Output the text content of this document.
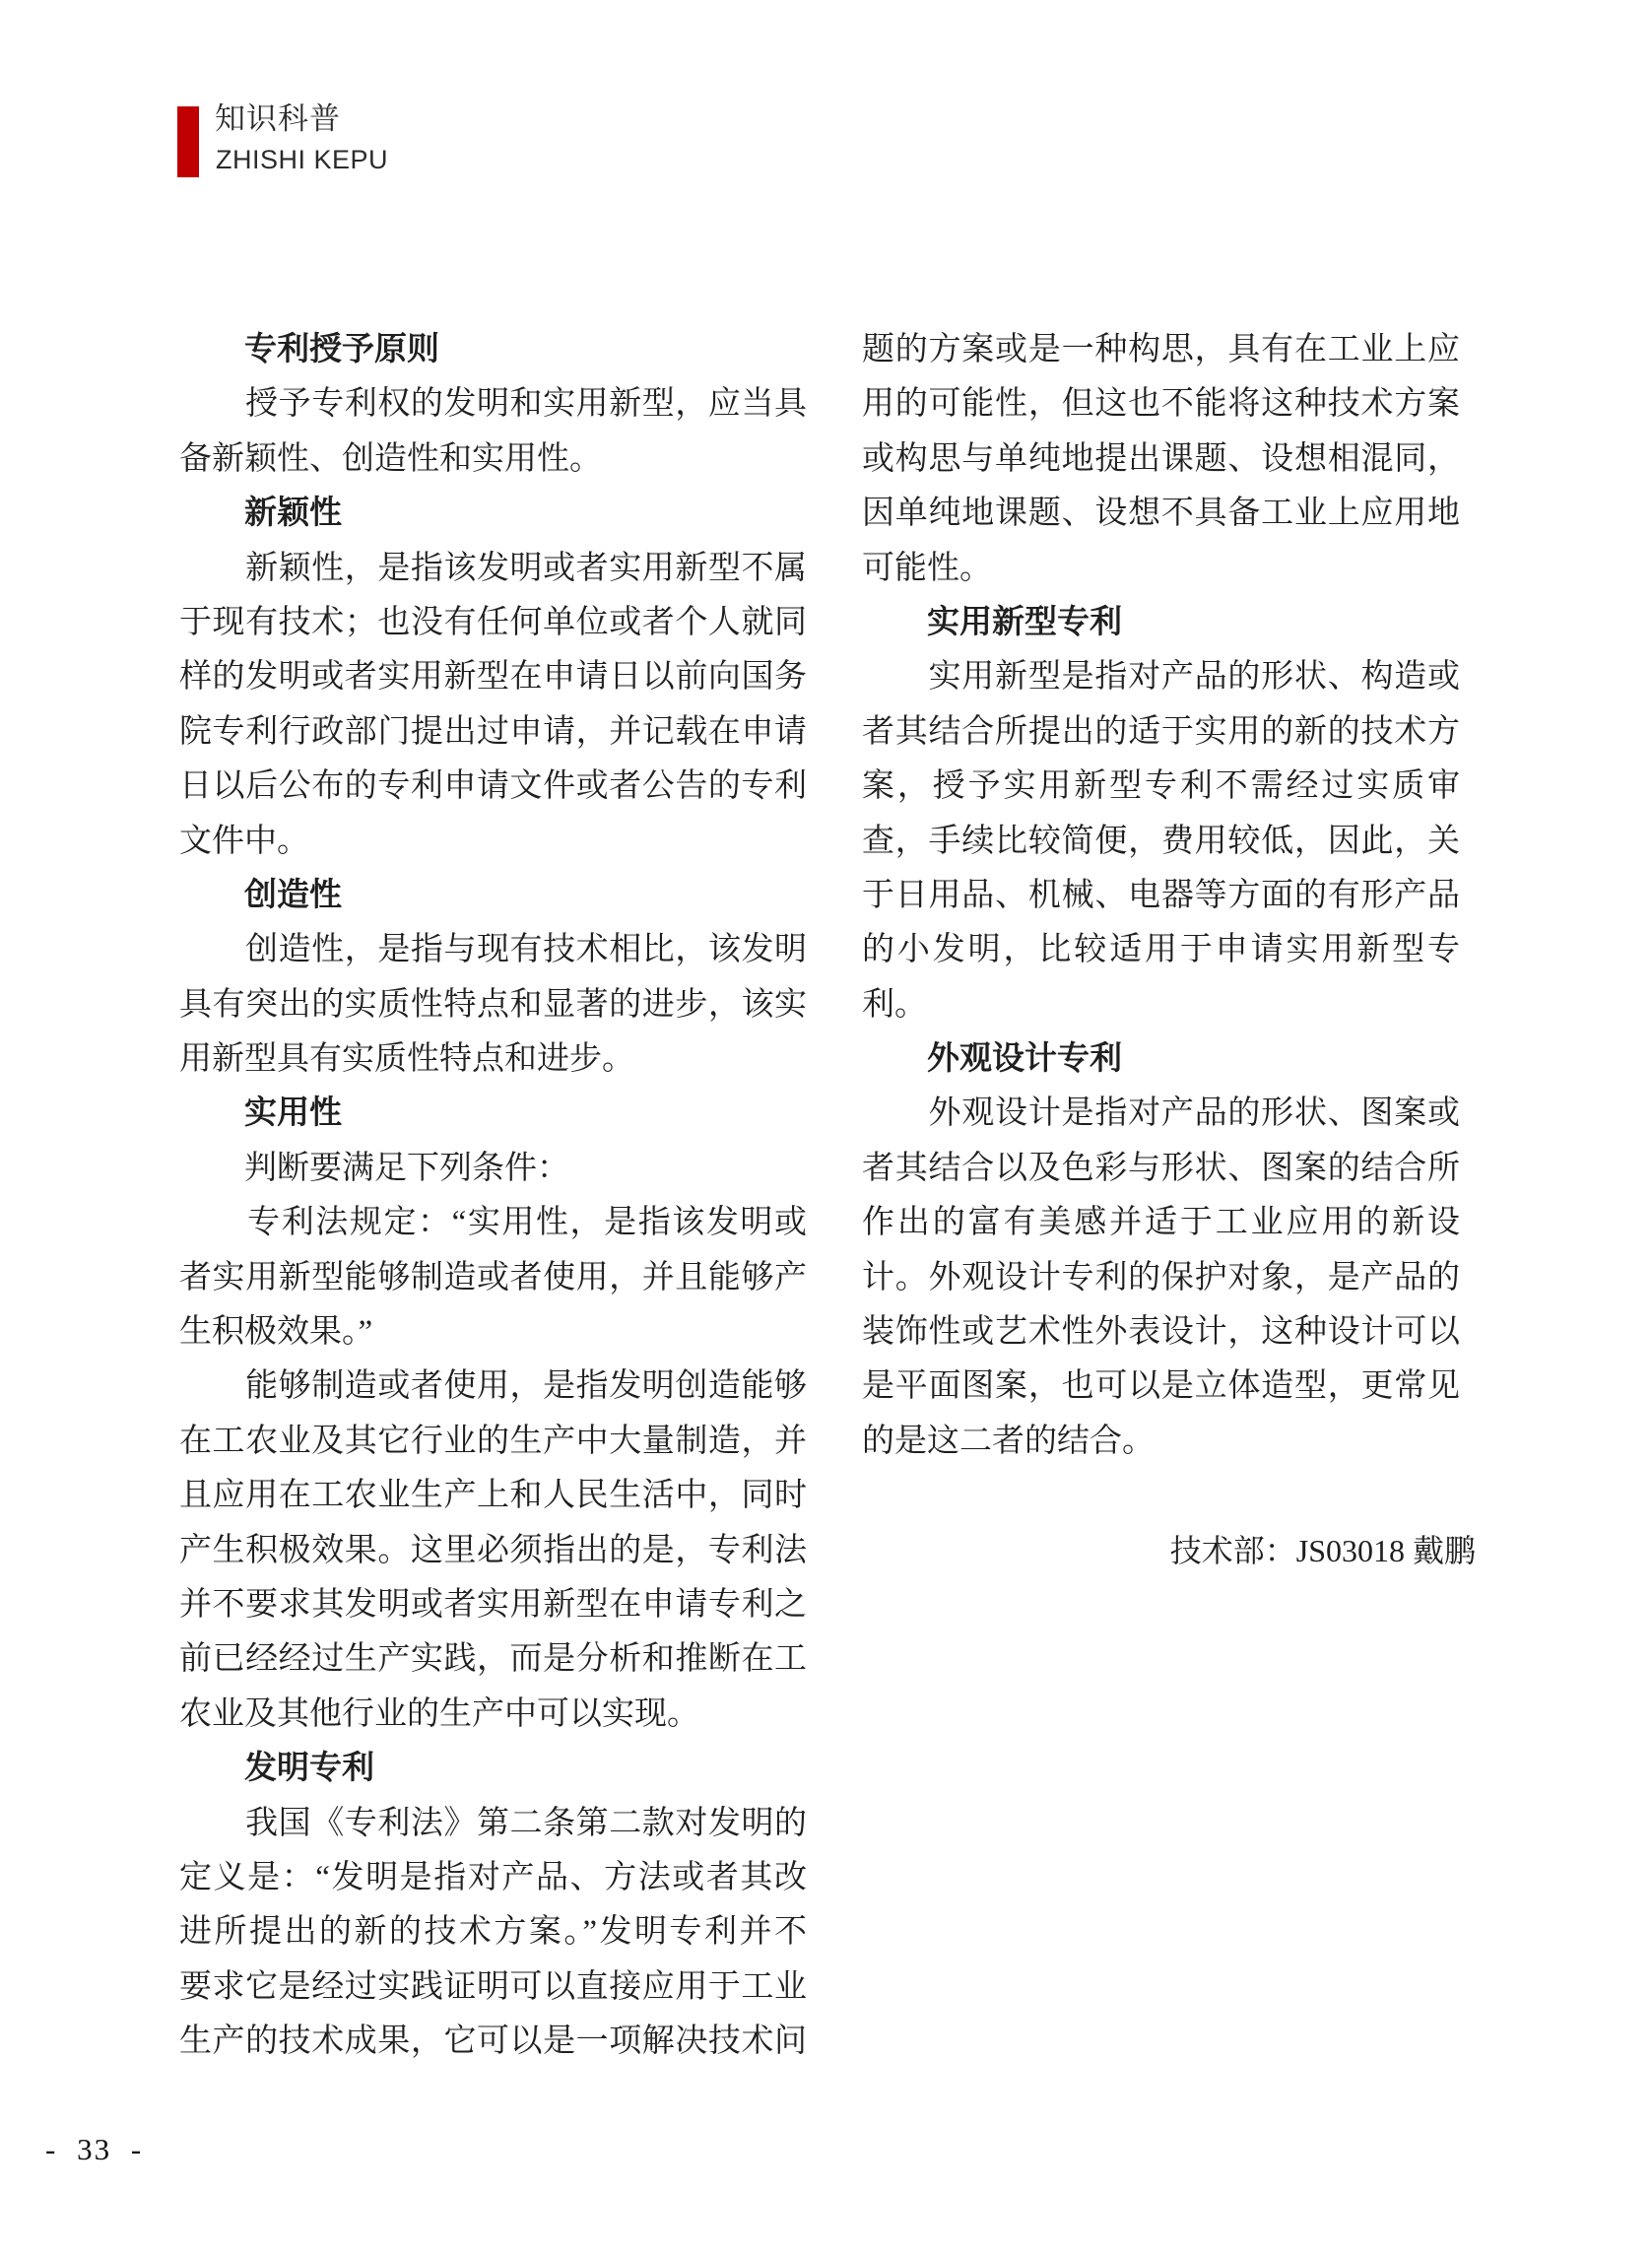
知识科普
ZHISHI KEPU
专利授予原则
　　授予专利权的发明和实用新型，应当具
备新颖性、创造性和实用性。
新颖性
　　新颖性，是指该发明或者实用新型不属
于现有技术；也没有任何单位或者个人就同
样的发明或者实用新型在申请日以前向国务
院专利行政部门提出过申请，并记载在申请
日以后公布的专利申请文件或者公告的专利
文件中。
创造性
　　创造性，是指与现有技术相比，该发明
具有突出的实质性特点和显著的进步，该实
用新型具有实质性特点和进步。
实用性
　　判断要满足下列条件：
　　专利法规定：“实用性，是指该发明或
者实用新型能够制造或者使用，并且能够产
生积极效果。”
　　能够制造或者使用，是指发明创造能够
在工农业及其它行业的生产中大量制造，并
且应用在工农业生产上和人民生活中，同时
产生积极效果。这里必须指出的是，专利法
并不要求其发明或者实用新型在申请专利之
前已经经过生产实践，而是分析和推断在工
农业及其他行业的生产中可以实现。
发明专利
　　我国《专利法》第二条第二款对发明的
定义是：“发明是指对产品、方法或者其改
进所提出的新的技术方案。”发明专利并不
要求它是经过实践证明可以直接应用于工业
生产的技术成果，它可以是一项解决技术问
题的方案或是一种构思，具有在工业上应
用的可能性，但这也不能将这种技术方案
或构思与单纯地提出课题、设想相混同，
因单纯地课题、设想不具备工业上应用地
可能性。
实用新型专利
　　实用新型是指对产品的形状、构造或
者其结合所提出的适于实用的新的技术方
案，授予实用新型专利不需经过实质审
查，手续比较简便，费用较低，因此，关
于日用品、机械、电器等方面的有形产品
的小发明，比较适用于申请实用新型专
利。
外观设计专利
　　外观设计是指对产品的形状、图案或
者其结合以及色彩与形状、图案的结合所
作出的富有美感并适于工业应用的新设
计。外观设计专利的保护对象，是产品的
装饰性或艺术性外表设计，这种设计可以
是平面图案，也可以是立体造型，更常见
的是这二者的结合。
技术部：JS03018 戴鹏
- 33 -
